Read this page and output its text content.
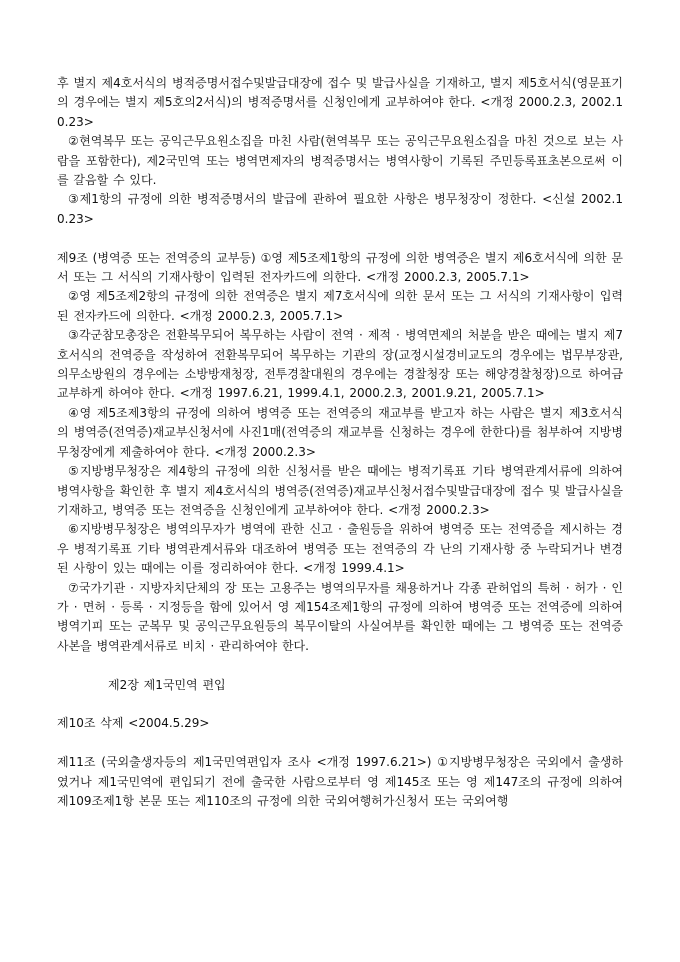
후 별지 제4호서식의 병적증명서접수및발급대장에 접수 및 발급사실을 기재하고, 별지 제5호서식(영문표기의 경우에는 별지 제5호의2서식)의 병적증명서를 신청인에게 교부하여야 한다. <개정 2000.2.3, 2002.10.23>

②현역복무 또는 공익근무요원소집을 마친 사람(현역복무 또는 공익근무요원소집을 마친 것으로 보는 사람을 포함한다), 제2국민역 또는 병역면제자의 병적증명서는 병역사항이 기록된 주민등록표초본으로써 이를 갈음할 수 있다.

③제1항의 규정에 의한 병적증명서의 발급에 관하여 필요한 사항은 병무청장이 정한다. <신설 2002.10.23>

제9조 (병역증 또는 전역증의 교부등) ①영 제5조제1항의 규정에 의한 병역증은 별지 제6호서식에 의한 문서 또는 그 서식의 기재사항이 입력된 전자카드에 의한다. <개정 2000.2.3, 2005.7.1>

②영 제5조제2항의 규정에 의한 전역증은 별지 제7호서식에 의한 문서 또는 그 서식의 기재사항이 입력된 전자카드에 의한다. <개정 2000.2.3, 2005.7.1>

③각군참모총장은 전환복무되어 복무하는 사람이 전역 · 제적 · 병역면제의 처분을 받은 때에는 별지 제7호서식의 전역증을 작성하여 전환복무되어 복무하는 기관의 장(교정시설경비교도의 경우에는 법무부장관, 의무소방원의 경우에는 소방방재청장, 전투경찰대원의 경우에는 경찰청장 또는 해양경찰청장)으로 하여금 교부하게 하여야 한다. <개정 1997.6.21, 1999.4.1, 2000.2.3, 2001.9.21, 2005.7.1>

④영 제5조제3항의 규정에 의하여 병역증 또는 전역증의 재교부를 받고자 하는 사람은 별지 제3호서식의 병역증(전역증)재교부신청서에 사진1매(전역증의 재교부를 신청하는 경우에 한한다)를 첨부하여 지방병무청장에게 제출하여야 한다. <개정 2000.2.3>

⑤지방병무청장은 제4항의 규정에 의한 신청서를 받은 때에는 병적기록표 기타 병역관계서류에 의하여 병역사항을 확인한 후 별지 제4호서식의 병역증(전역증)재교부신청서접수및발급대장에 접수 및 발급사실을 기재하고, 병역증 또는 전역증을 신청인에게 교부하여야 한다. <개정 2000.2.3>

⑥지방병무청장은 병역의무자가 병역에 관한 신고 · 출원등을 위하여 병역증 또는 전역증을 제시하는 경우 병적기록표 기타 병역관계서류와 대조하여 병역증 또는 전역증의 각 난의 기재사항 중 누락되거나 변경된 사항이 있는 때에는 이를 정리하여야 한다. <개정 1999.4.1>

⑦국가기관 · 지방자치단체의 장 또는 고용주는 병역의무자를 채용하거나 각종 관허업의 특허 · 허가 · 인가 · 면허 · 등록 · 지정등을 함에 있어서 영 제154조제1항의 규정에 의하여 병역증 또는 전역증에 의하여 병역기피 또는 군복무 및 공익근무요원등의 복무이탈의 사실여부를 확인한 때에는 그 병역증 또는 전역증 사본을 병역관계서류로 비치 · 관리하여야 한다.

제2장 제1국민역 편입

제10조 삭제 <2004.5.29>

제11조 (국외출생자등의 제1국민역편입자 조사 <개정 1997.6.21>) ①지방병무청장은 국외에서 출생하였거나 제1국민역에 편입되기 전에 출국한 사람으로부터 영 제145조 또는 영 제147조의 규정에 의하여 제109조제1항 본문 또는 제110조의 규정에 의한 국외여행허가신청서 또는 국외여행
